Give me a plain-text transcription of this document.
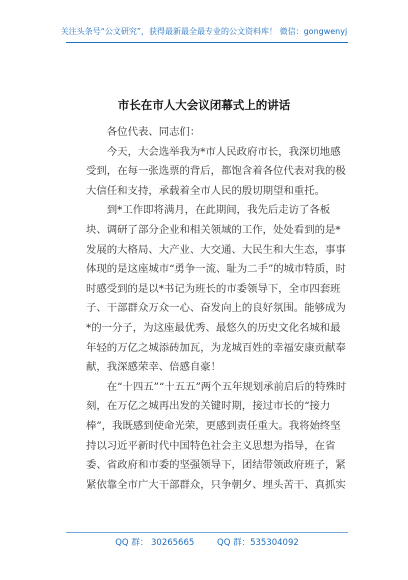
关注头条号“公文研究”，获得最新最全最专业的公文资料库！ 微信：gongwenyj
市长在市人大会议闭幕式上的讲话

各位代表、同志们：

今天，大会选举我为*市人民政府市长，我深切地感受到，在每一张选票的背后，都饱含着各位代表对我的极大信任和支持，承载着全市人民的殷切期望和重托。

到*工作即将满月，在此期间，我先后走访了各板块、调研了部分企业和相关领域的工作，处处看到的是*发展的大格局、大产业、大交通、大民生和大生态，事事体现的是这座城市“勇争一流、耻为二手”的城市特质，时时感受到的是以*书记为班长的市委领导下，全市四套班子、干部群众万众一心、奋发向上的良好氛围。能够成为*的一分子，为这座最优秀、最悠久的历史文化名城和最年轻的万亿之城添砖加瓦，为龙城百姓的幸福安康贡献奉献，我深感荣幸、倍感自豪！

在“十四五”“十五五”两个五年规划承前启后的特殊时刻，在万亿之城再出发的关键时期，接过市长的“接力棒”，我既感到使命光荣，更感到责任重大。我将始终坚持以习近平新时代中国特色社会主义思想为指导，在省委、省政府和市委的坚强领导下，团结带领政府班子，紧紧依靠全市广大干部群众，只争朝夕、埋头苦干、真抓实

QQ 群： 30265665	QQ 群：535304092
